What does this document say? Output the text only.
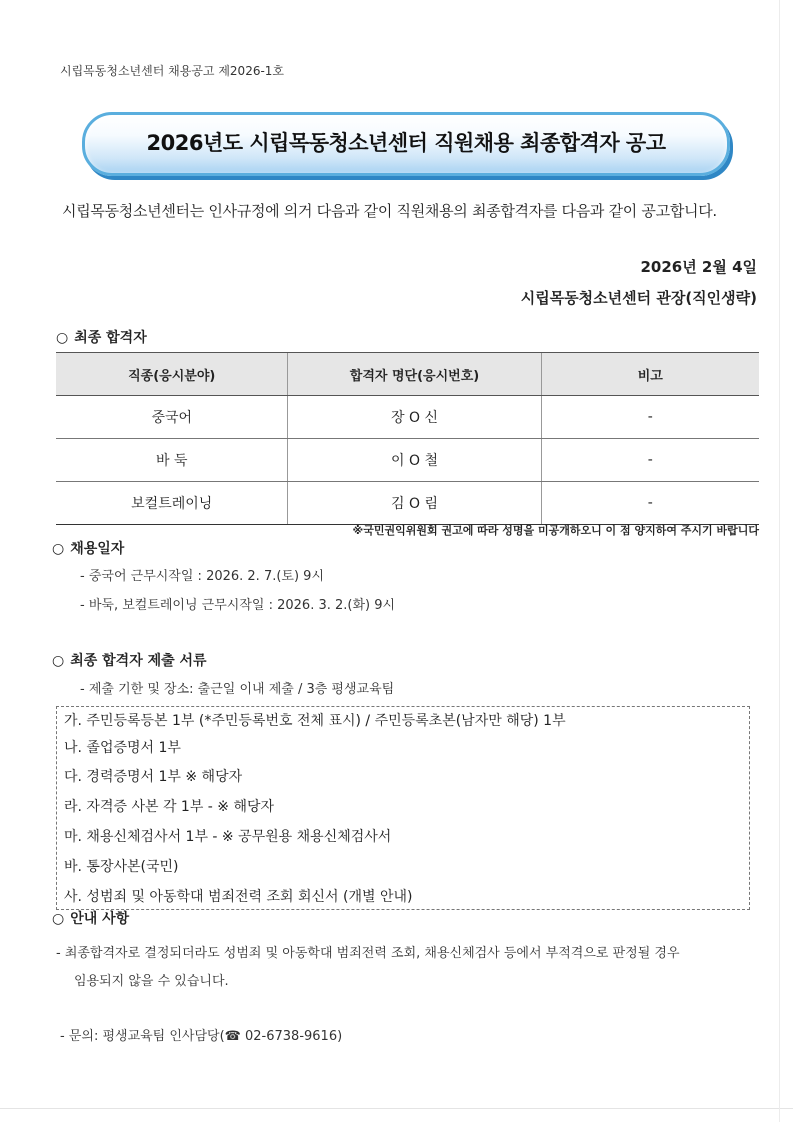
시립목동청소년센터 채용공고 제2026-1호
2026년도 시립목동청소년센터 직원채용 최종합격자 공고
시립목동청소년센터는 인사규정에 의거 다음과 같이 직원채용의 최종합격자를 다음과 같이 공고합니다.
2026년 2월 4일
시립목동청소년센터 관장(직인생략)
○ 최종 합격자
직종(응시분야)	합격자 명단(응시번호)	비고
중국어	장 O 신	-
바 둑	이 O 철	-
보컬트레이닝	김 O 림	-
※국민권익위원회 권고에 따라 성명을 미공개하오니 이 점 양지하여 주시기 바랍니다
○ 채용일자
- 중국어 근무시작일 : 2026. 2. 7.(토) 9시
- 바둑, 보컬트레이닝 근무시작일 : 2026. 3. 2.(화) 9시
○ 최종 합격자 제출 서류
- 제출 기한 및 장소: 출근일 이내 제출 / 3층 평생교육팀
가. 주민등록등본 1부 (*주민등록번호 전체 표시) / 주민등록초본(남자만 해당) 1부
나. 졸업증명서 1부
다. 경력증명서 1부 ※ 해당자
라. 자격증 사본 각 1부 - ※ 해당자
마. 채용신체검사서 1부 - ※ 공무원용 채용신체검사서
바. 통장사본(국민)
사. 성범죄 및 아동학대 범죄전력 조회 회신서 (개별 안내)
○ 안내 사항
- 최종합격자로 결정되더라도 성범죄 및 아동학대 범죄전력 조회, 채용신체검사 등에서 부적격으로 판정될 경우
임용되지 않을 수 있습니다.
- 문의: 평생교육팀 인사담당(☎ 02-6738-9616)
